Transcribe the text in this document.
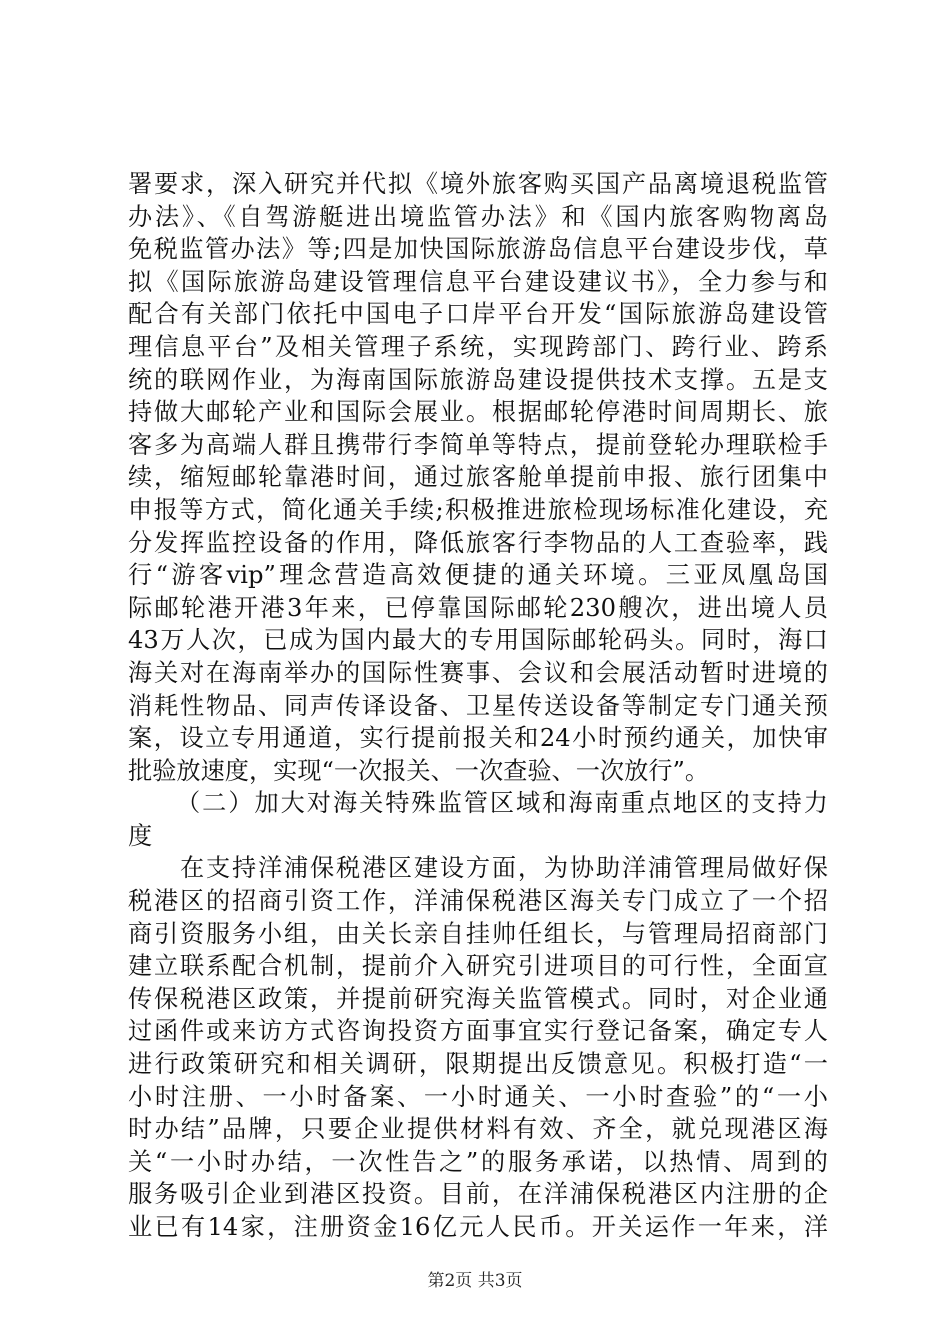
署要求，深入研究并代拟《境外旅客购买国产品离境退税监管
办法》、《自驾游艇进出境监管办法》和《国内旅客购物离岛
免税监管办法》等;四是加快国际旅游岛信息平台建设步伐，草
拟《国际旅游岛建设管理信息平台建设建议书》，全力参与和
配合有关部门依托中国电子口岸平台开发“国际旅游岛建设管
理信息平台”及相关管理子系统，实现跨部门、跨行业、跨系
统的联网作业，为海南国际旅游岛建设提供技术支撑。五是支
持做大邮轮产业和国际会展业。根据邮轮停港时间周期长、旅
客多为高端人群且携带行李简单等特点，提前登轮办理联检手
续，缩短邮轮靠港时间，通过旅客舱单提前申报、旅行团集中
申报等方式，简化通关手续;积极推进旅检现场标准化建设，充
分发挥监控设备的作用，降低旅客行李物品的人工查验率，践
行“游客vip”理念营造高效便捷的通关环境。三亚凤凰岛国
际邮轮港开港3年来，已停靠国际邮轮230艘次，进出境人员
43万人次，已成为国内最大的专用国际邮轮码头。同时，海口
海关对在海南举办的国际性赛事、会议和会展活动暂时进境的
消耗性物品、同声传译设备、卫星传送设备等制定专门通关预
案，设立专用通道，实行提前报关和24小时预约通关，加快审
批验放速度，实现“一次报关、一次查验、一次放行”。
（二）加大对海关特殊监管区域和海南重点地区的支持力
度
在支持洋浦保税港区建设方面，为协助洋浦管理局做好保
税港区的招商引资工作，洋浦保税港区海关专门成立了一个招
商引资服务小组，由关长亲自挂帅任组长，与管理局招商部门
建立联系配合机制，提前介入研究引进项目的可行性，全面宣
传保税港区政策，并提前研究海关监管模式。同时，对企业通
过函件或来访方式咨询投资方面事宜实行登记备案，确定专人
进行政策研究和相关调研，限期提出反馈意见。积极打造“一
小时注册、一小时备案、一小时通关、一小时查验”的“一小
时办结”品牌，只要企业提供材料有效、齐全，就兑现港区海
关“一小时办结，一次性告之”的服务承诺，以热情、周到的
服务吸引企业到港区投资。目前，在洋浦保税港区内注册的企
业已有14家，注册资金16亿元人民币。开关运作一年来，洋
第2页 共3页
